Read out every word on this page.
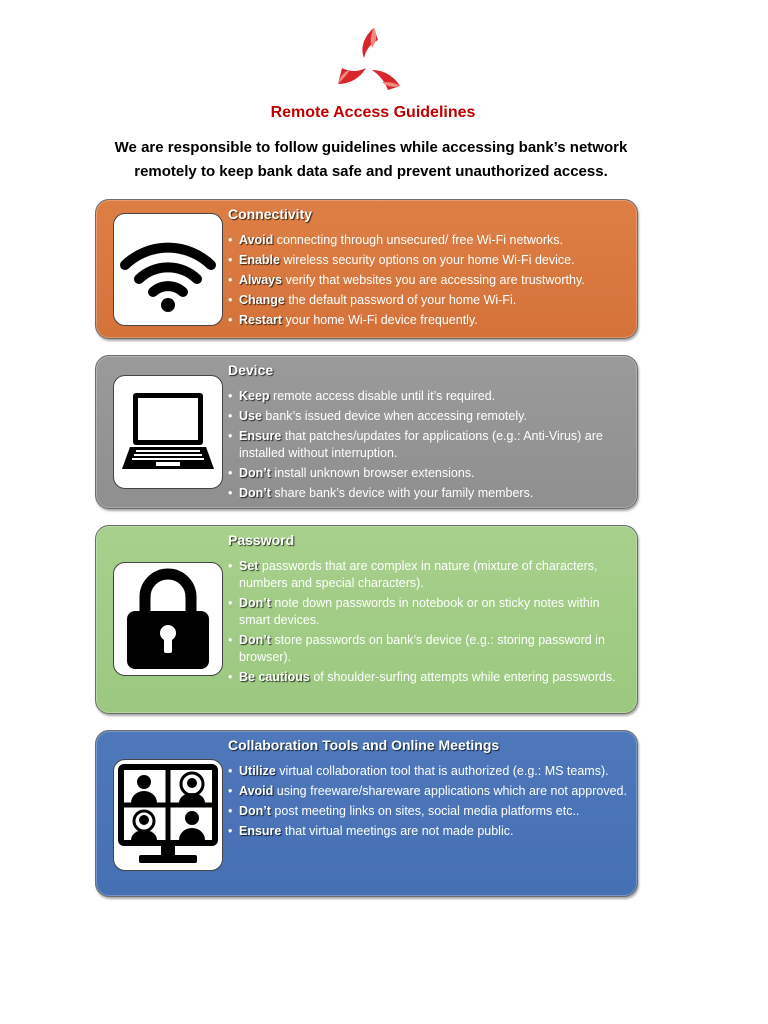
Remote Access Guidelines
We are responsible to follow guidelines while accessing bank’s network remotely to keep bank data safe and prevent unauthorized access.
Connectivity
• Avoid connecting through unsecured/ free Wi-Fi networks.
• Enable wireless security options on your home Wi-Fi device.
• Always verify that websites you are accessing are trustworthy.
• Change the default password of your home Wi-Fi.
• Restart your home Wi-Fi device frequently.
Device
• Keep remote access disable until it’s required.
• Use bank’s issued device when accessing remotely.
• Ensure that patches/updates for applications (e.g.: Anti-Virus) are installed without interruption.
• Don’t install unknown browser extensions.
• Don’t share bank’s device with your family members.
Password
• Set passwords that are complex in nature (mixture of characters, numbers and special characters).
• Don’t note down passwords in notebook or on sticky notes within smart devices.
• Don’t store passwords on bank’s device (e.g.: storing password in browser).
• Be cautious of shoulder-surfing attempts while entering passwords.
Collaboration Tools and Online Meetings
• Utilize virtual collaboration tool that is authorized (e.g.: MS teams).
• Avoid using freeware/shareware applications which are not approved.
• Don’t post meeting links on sites, social media platforms etc..
• Ensure that virtual meetings are not made public.
